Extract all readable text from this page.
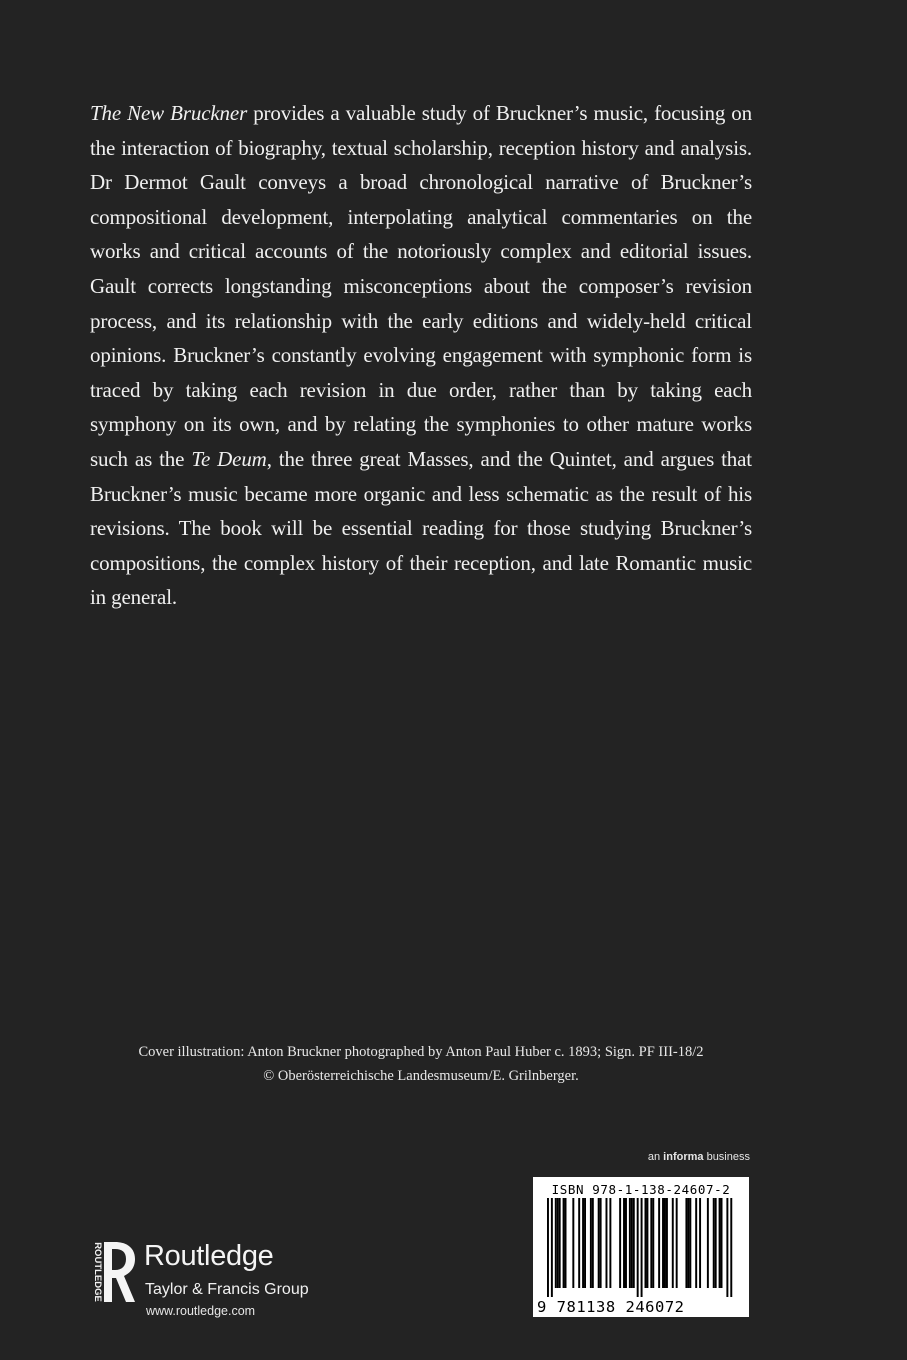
The New Bruckner provides a valuable study of Bruckner’s music, focusing on the interaction of biography, textual scholarship, reception history and analysis. Dr Dermot Gault conveys a broad chronological narrative of Bruckner’s compositional development, interpolating analytical commentaries on the works and critical accounts of the notoriously complex and editorial issues. Gault corrects longstanding misconceptions about the composer’s revision process, and its relationship with the early editions and widely-held critical opinions. Bruckner’s constantly evolving engagement with symphonic form is traced by taking each revision in due order, rather than by taking each symphony on its own, and by relating the symphonies to other mature works such as the Te Deum, the three great Masses, and the Quintet, and argues that Bruckner’s music became more organic and less schematic as the result of his revisions. The book will be essential reading for those studying Bruckner’s compositions, the complex history of their reception, and late Romantic music in general.
Cover illustration: Anton Bruckner photographed by Anton Paul Huber c. 1893; Sign. PF III-18/2
© Oberösterreichische Landesmuseum/E. Grilnberger.
an informa business
ISBN 978-1-138-24607-2
9 781138 246072
ROUTLEDGE Routledge
Taylor & Francis Group
www.routledge.com
